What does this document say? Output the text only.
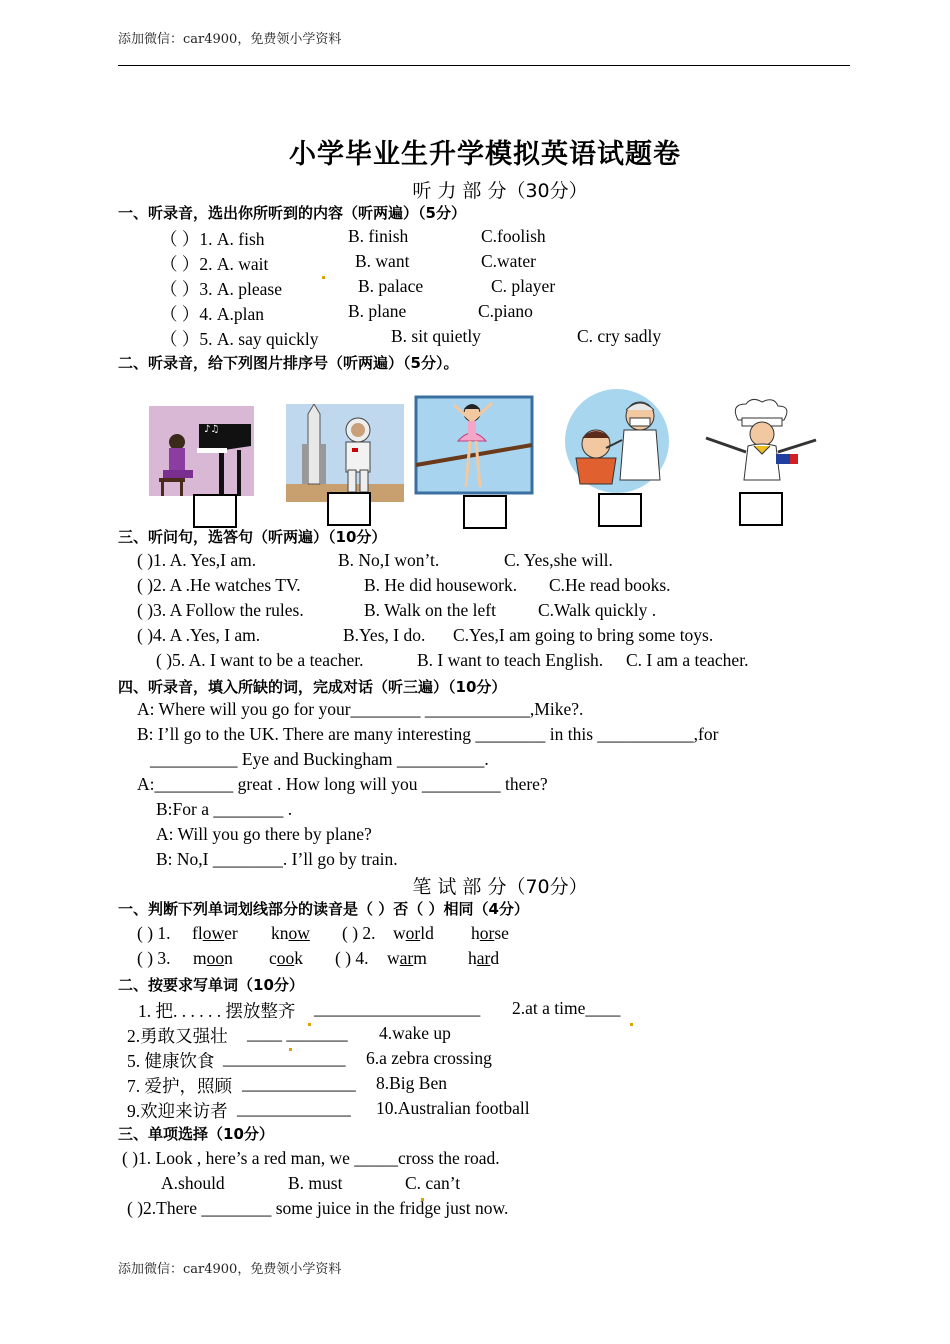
添加微信：car4900，免费领小学资料
小学毕业生升学模拟英语试题卷
听 力 部 分（30分）
一、听录音，选出你所听到的内容（听两遍）（5分）
（ ）1. A. fish	B. finish	C.foolish
（ ）2. A. wait	B. want	C.water
（ ）3. A. please	B. palace	C. player
（ ）4. A.plan	B. plane	C.piano
（ ）5. A. say quickly	B. sit quietly	C. cry sadly
二、听录音，给下列图片排序号（听两遍）（5分）。
♪♫
三、听问句，选答句（听两遍）（10分）
( )1. A. Yes,I am.	B. No,I won’t.	C. Yes,she will.
( )2. A .He watches TV.	B. He did housework. C.He read books.
( )3. A Follow the rules.	B. Walk on the left C.Walk quickly .
( )4. A .Yes, I am.	B.Yes, I do. C.Yes,I am going to bring some toys.
( )5. A. I want to be a teacher.	B. I want to teach English. C. I am a teacher.
四、听录音，填入所缺的词，完成对话（听三遍）（10分）
A: Where will you go for your________ ____________,Mike?.
B: I’ll go to the UK. There are many interesting ________ in this ___________,for
__________ Eye and Buckingham __________.
A:_________ great . How long will you _________ there?
B:For a ________ .
A: Will you go there by plane?
B: No,I ________. I’ll go by train.
笔 试 部 分（70分）
一、判断下列单词划线部分的读音是（ ）否（ ）相同（4分）
( ) 1. flower know ( ) 2. world horse
( ) 3. moon cook ( ) 4. warm hard
二、按要求写单词（10分）
1. 把. . . . . . 摆放整齐 ___________________ 2.at a time____
2.勇敢又强壮 ____ _______ 4.wake up
5. 健康饮食 ______________ 6.a zebra crossing
7. 爱护，照顾 _____________ 8.Big Ben
9.欢迎来访者 _____________ 10.Australian football
三、单项选择（10分）
( )1. Look , here’s a red man, we _____cross the road.
A.should	B. must	C. can’t
( )2.There ________ some juice in the fridge just now.
添加微信：car4900，免费领小学资料
